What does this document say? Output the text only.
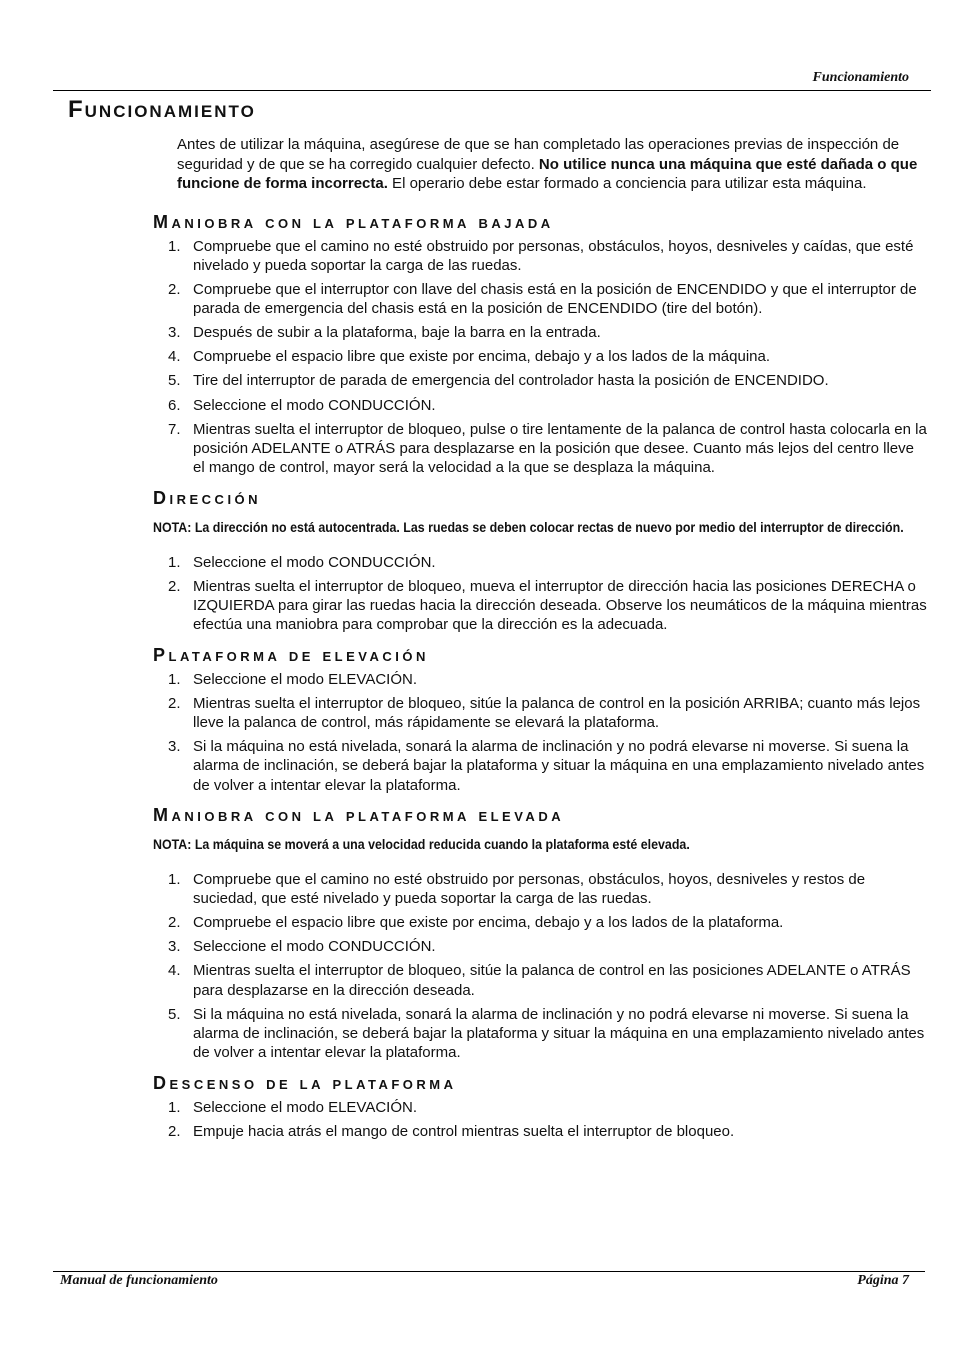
Funcionamiento
Funcionamiento

Antes de utilizar la máquina, asegúrese de que se han completado las operaciones previas de inspección de seguridad y de que se ha corregido cualquier defecto. No utilice nunca una máquina que esté dañada o que funcione de forma incorrecta. El operario debe estar formado a conciencia para utilizar esta máquina.

Maniobra con la plataforma bajada
1. Compruebe que el camino no esté obstruido por personas, obstáculos, hoyos, desniveles y caídas, que esté nivelado y pueda soportar la carga de las ruedas.
2. Compruebe que el interruptor con llave del chasis está en la posición de ENCENDIDO y que el interruptor de parada de emergencia del chasis está en la posición de ENCENDIDO (tire del botón).
3. Después de subir a la plataforma, baje la barra en la entrada.
4. Compruebe el espacio libre que existe por encima, debajo y a los lados de la máquina.
5. Tire del interruptor de parada de emergencia del controlador hasta la posición de ENCENDIDO.
6. Seleccione el modo CONDUCCIÓN.
7. Mientras suelta el interruptor de bloqueo, pulse o tire lentamente de la palanca de control hasta colocarla en la posición ADELANTE o ATRÁS para desplazarse en la posición que desee. Cuanto más lejos del centro lleve el mango de control, mayor será la velocidad a la que se desplaza la máquina.
Dirección
NOTA: La dirección no está autocentrada. Las ruedas se deben colocar rectas de nuevo por medio del interruptor de dirección.
1. Seleccione el modo CONDUCCIÓN.
2. Mientras suelta el interruptor de bloqueo, mueva el interruptor de dirección hacia las posiciones DERECHA o IZQUIERDA para girar las ruedas hacia la dirección deseada. Observe los neumáticos de la máquina mientras efectúa una maniobra para comprobar que la dirección es la adecuada.
Plataforma de elevación
1. Seleccione el modo ELEVACIÓN.
2. Mientras suelta el interruptor de bloqueo, sitúe la palanca de control en la posición ARRIBA; cuanto más lejos lleve la palanca de control, más rápidamente se elevará la plataforma.
3. Si la máquina no está nivelada, sonará la alarma de inclinación y no podrá elevarse ni moverse. Si suena la alarma de inclinación, se deberá bajar la plataforma y situar la máquina en una emplazamiento nivelado antes de volver a intentar elevar la plataforma.
Maniobra con la plataforma elevada
NOTA: La máquina se moverá a una velocidad reducida cuando la plataforma esté elevada.
1. Compruebe que el camino no esté obstruido por personas, obstáculos, hoyos, desniveles y restos de suciedad, que esté nivelado y pueda soportar la carga de las ruedas.
2. Compruebe el espacio libre que existe por encima, debajo y a los lados de la plataforma.
3. Seleccione el modo CONDUCCIÓN.
4. Mientras suelta el interruptor de bloqueo, sitúe la palanca de control en las posiciones ADELANTE o ATRÁS para desplazarse en la dirección deseada.
5. Si la máquina no está nivelada, sonará la alarma de inclinación y no podrá elevarse ni moverse. Si suena la alarma de inclinación, se deberá bajar la plataforma y situar la máquina en una emplazamiento nivelado antes de volver a intentar elevar la plataforma.
Descenso de la plataforma
1. Seleccione el modo ELEVACIÓN.
2. Empuje hacia atrás el mango de control mientras suelta el interruptor de bloqueo.
Manual de funcionamiento	Página 7
